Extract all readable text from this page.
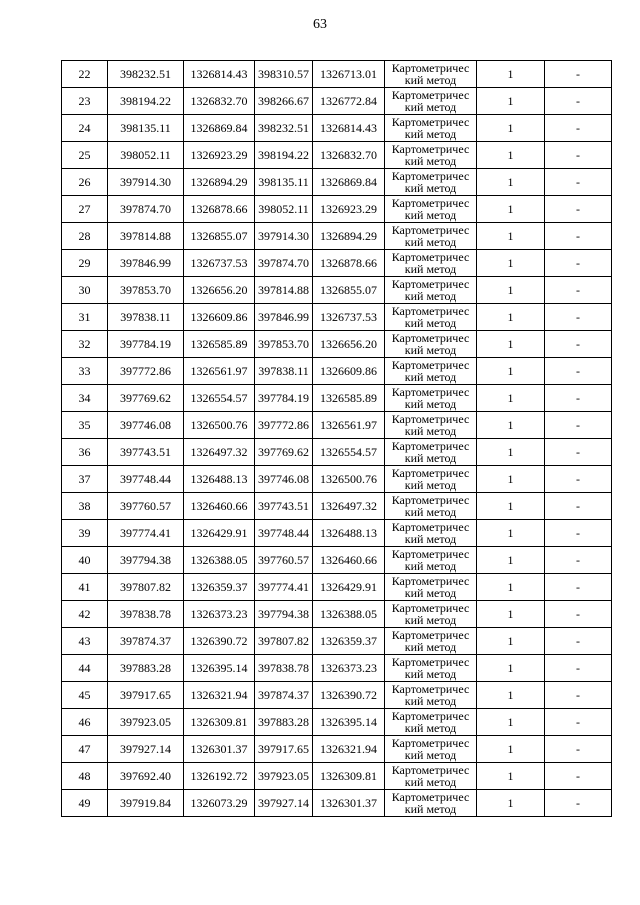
63
22	398232.51	1326814.43	398310.57	1326713.01	Картометричес
кий метод	1	-
23	398194.22	1326832.70	398266.67	1326772.84	Картометричес
кий метод	1	-
24	398135.11	1326869.84	398232.51	1326814.43	Картометричес
кий метод	1	-
25	398052.11	1326923.29	398194.22	1326832.70	Картометричес
кий метод	1	-
26	397914.30	1326894.29	398135.11	1326869.84	Картометричес
кий метод	1	-
27	397874.70	1326878.66	398052.11	1326923.29	Картометричес
кий метод	1	-
28	397814.88	1326855.07	397914.30	1326894.29	Картометричес
кий метод	1	-
29	397846.99	1326737.53	397874.70	1326878.66	Картометричес
кий метод	1	-
30	397853.70	1326656.20	397814.88	1326855.07	Картометричес
кий метод	1	-
31	397838.11	1326609.86	397846.99	1326737.53	Картометричес
кий метод	1	-
32	397784.19	1326585.89	397853.70	1326656.20	Картометричес
кий метод	1	-
33	397772.86	1326561.97	397838.11	1326609.86	Картометричес
кий метод	1	-
34	397769.62	1326554.57	397784.19	1326585.89	Картометричес
кий метод	1	-
35	397746.08	1326500.76	397772.86	1326561.97	Картометричес
кий метод	1	-
36	397743.51	1326497.32	397769.62	1326554.57	Картометричес
кий метод	1	-
37	397748.44	1326488.13	397746.08	1326500.76	Картометричес
кий метод	1	-
38	397760.57	1326460.66	397743.51	1326497.32	Картометричес
кий метод	1	-
39	397774.41	1326429.91	397748.44	1326488.13	Картометричес
кий метод	1	-
40	397794.38	1326388.05	397760.57	1326460.66	Картометричес
кий метод	1	-
41	397807.82	1326359.37	397774.41	1326429.91	Картометричес
кий метод	1	-
42	397838.78	1326373.23	397794.38	1326388.05	Картометричес
кий метод	1	-
43	397874.37	1326390.72	397807.82	1326359.37	Картометричес
кий метод	1	-
44	397883.28	1326395.14	397838.78	1326373.23	Картометричес
кий метод	1	-
45	397917.65	1326321.94	397874.37	1326390.72	Картометричес
кий метод	1	-
46	397923.05	1326309.81	397883.28	1326395.14	Картометричес
кий метод	1	-
47	397927.14	1326301.37	397917.65	1326321.94	Картометричес
кий метод	1	-
48	397692.40	1326192.72	397923.05	1326309.81	Картометричес
кий метод	1	-
49	397919.84	1326073.29	397927.14	1326301.37	Картометричес
кий метод	1	-
